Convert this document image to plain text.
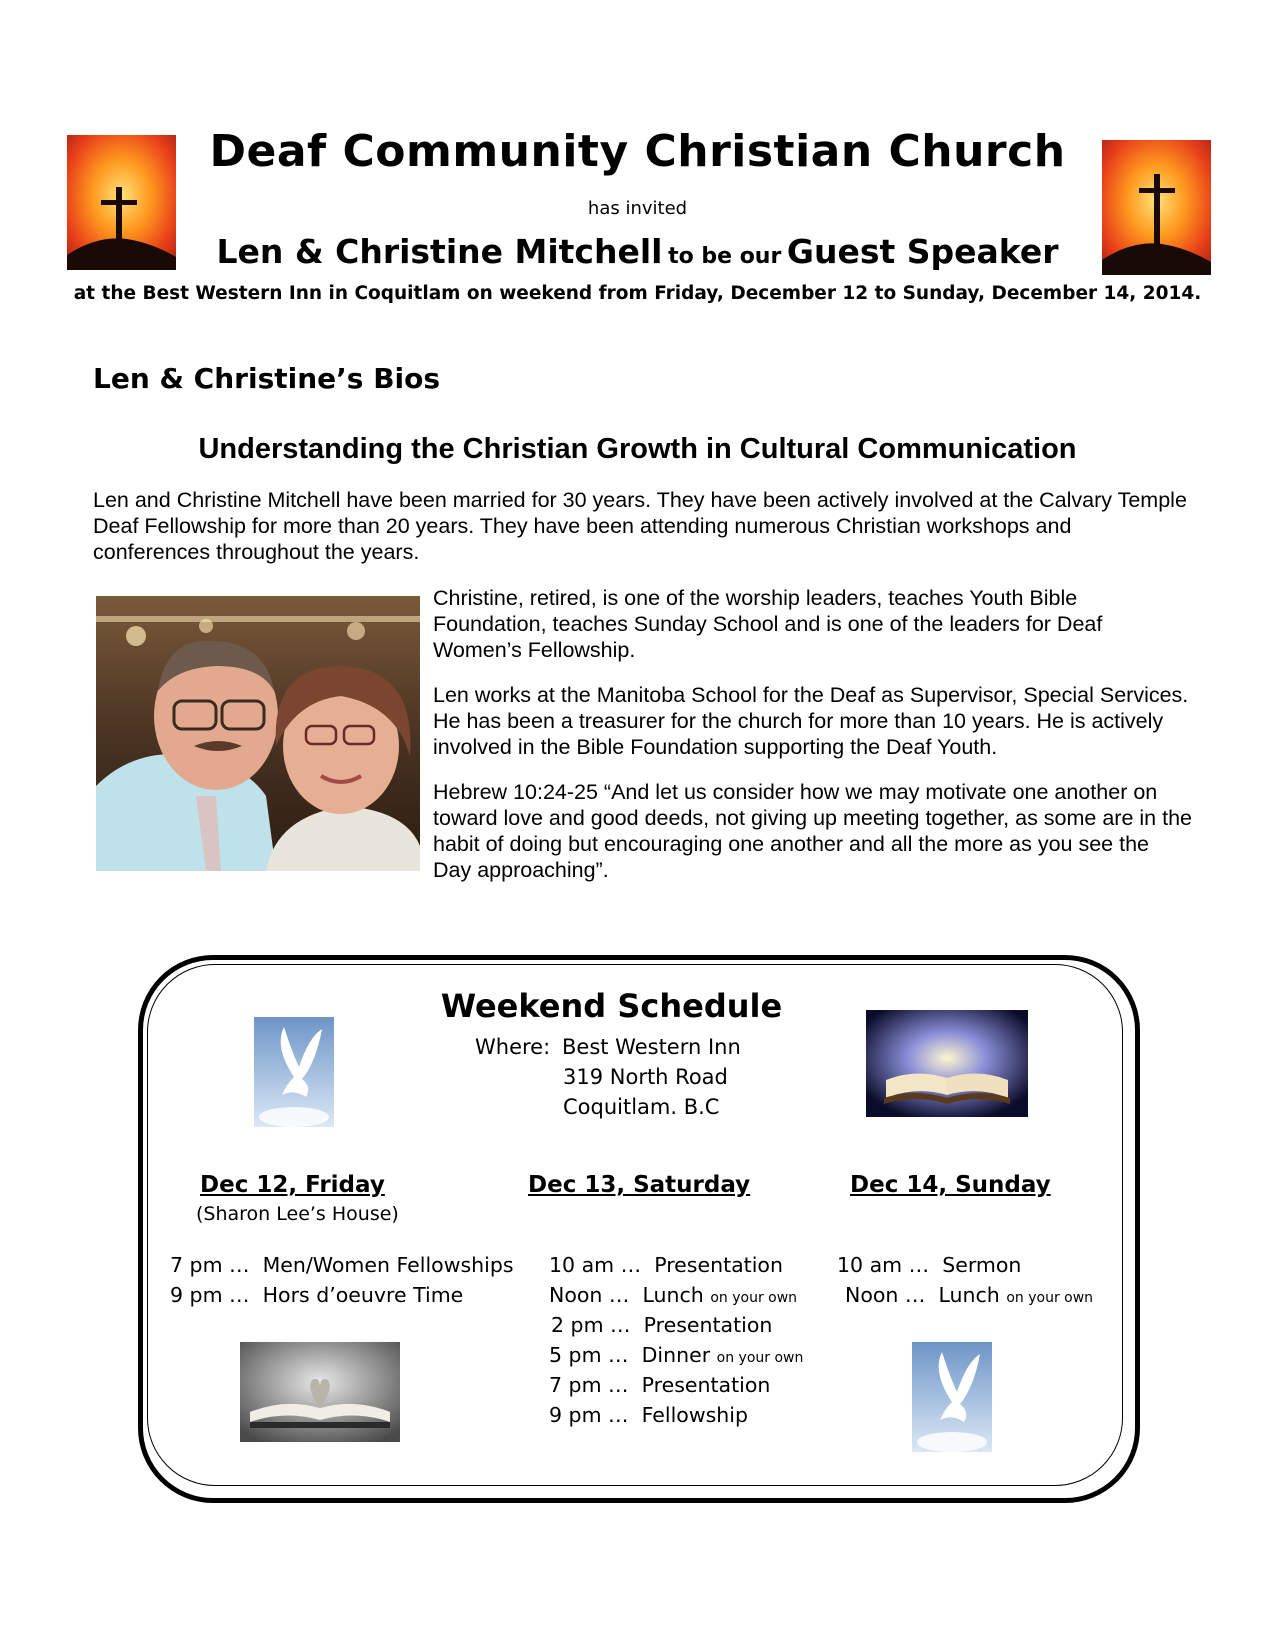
Deaf Community Christian Church
has invited
Len & Christine Mitchell to be our Guest Speaker
at the Best Western Inn in Coquitlam on weekend from Friday, December 12 to Sunday, December 14, 2014.
Len & Christine’s Bios
Understanding the Christian Growth in Cultural Communication
Len and Christine Mitchell have been married for 30 years. They have been actively involved at the Calvary Temple Deaf Fellowship for more than 20 years. They have been attending numerous Christian workshops and conferences throughout the years.

Christine, retired, is one of the worship leaders, teaches Youth Bible Foundation, teaches Sunday School and is one of the leaders for Deaf Women’s Fellowship.

Len works at the Manitoba School for the Deaf as Supervisor, Special Services. He has been a treasurer for the church for more than 10 years. He is actively involved in the Bible Foundation supporting the Deaf Youth.

Hebrew 10:24-25 “And let us consider how we may motivate one another on toward love and good deeds, not giving up meeting together, as some are in the habit of doing but encouraging one another and all the more as you see the Day approaching”.

Weekend Schedule
Where: Best Western Inn
319 North Road
Coquitlam. B.C
Dec 12, Friday
(Sharon Lee’s House)
7 pm … Men/Women Fellowships
9 pm … Hors d’oeuvre Time
Dec 13, Saturday
10 am … Presentation
Noon … Lunch on your own
2 pm … Presentation
5 pm … Dinner on your own
7 pm … Presentation
9 pm … Fellowship
Dec 14, Sunday
10 am … Sermon
Noon … Lunch on your own
